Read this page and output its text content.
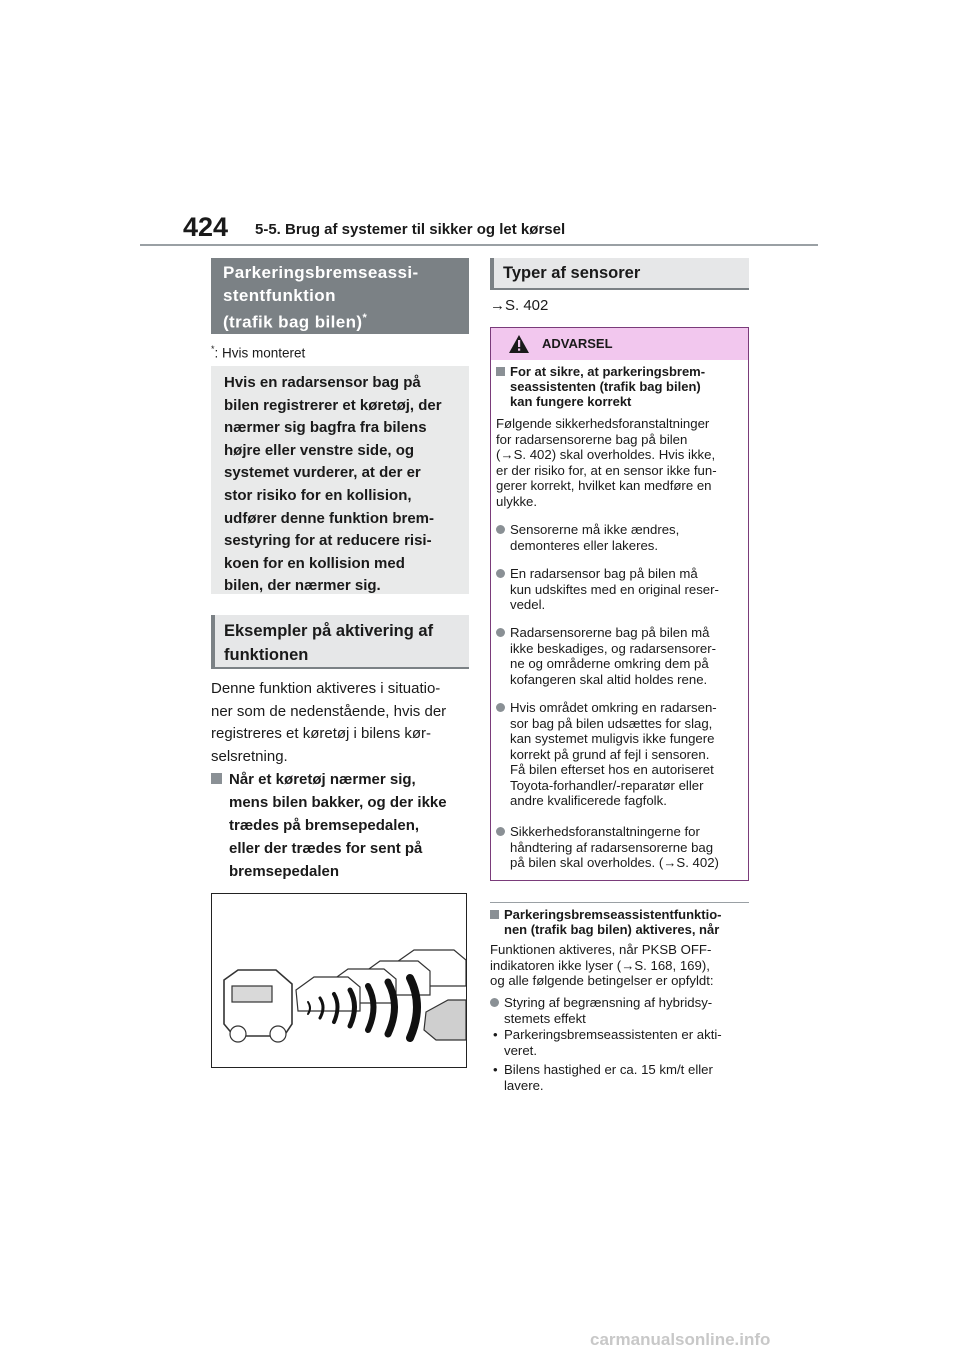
424 5-5. Brug af systemer til sikker og let kørsel
Parkeringsbremseassi-
stentfunktion
(trafik bag bilen)*
*: Hvis monteret
Hvis en radarsensor bag på
bilen registrerer et køretøj, der
nærmer sig bagfra fra bilens
højre eller venstre side, og
systemet vurderer, at der er
stor risiko for en kollision,
udfører denne funktion brem-
sestyring for at reducere risi-
koen for en kollision med
bilen, der nærmer sig.
Eksempler på aktivering af
funktionen
Denne funktion aktiveres i situatio-
ner som de nedenstående, hvis der
registreres et køretøj i bilens kør-
selsretning.
Når et køretøj nærmer sig,
mens bilen bakker, og der ikke
trædes på bremsepedalen,
eller der trædes for sent på
bremsepedalen
Typer af sensorer
→S. 402
ADVARSEL
For at sikre, at parkeringsbrem-
seassistenten (trafik bag bilen)
kan fungere korrekt
Følgende sikkerhedsforanstaltninger
for radarsensorerne bag på bilen
(→S. 402) skal overholdes. Hvis ikke,
er der risiko for, at en sensor ikke fun-
gerer korrekt, hvilket kan medføre en
ulykke.
Sensorerne må ikke ændres,
demonteres eller lakeres.
En radarsensor bag på bilen må
kun udskiftes med en original reser-
vedel.
Radarsensorerne bag på bilen må
ikke beskadiges, og radarsensorer-
ne og områderne omkring dem på
kofangeren skal altid holdes rene.
Hvis området omkring en radarsen-
sor bag på bilen udsættes for slag,
kan systemet muligvis ikke fungere
korrekt på grund af fejl i sensoren.
Få bilen efterset hos en autoriseret
Toyota-forhandler/-reparatør eller
andre kvalificerede fagfolk.
Sikkerhedsforanstaltningerne for
håndtering af radarsensorerne bag
på bilen skal overholdes. (→S. 402)
Parkeringsbremseassistentfunktio-
nen (trafik bag bilen) aktiveres, når
Funktionen aktiveres, når PKSB OFF-
indikatoren ikke lyser (→S. 168, 169),
og alle følgende betingelser er opfyldt:
Styring af begrænsning af hybridsy-
stemets effekt
• Parkeringsbremseassistenten er akti-
veret.
• Bilens hastighed er ca. 15 km/t eller
lavere.
carmanualsonline.info
